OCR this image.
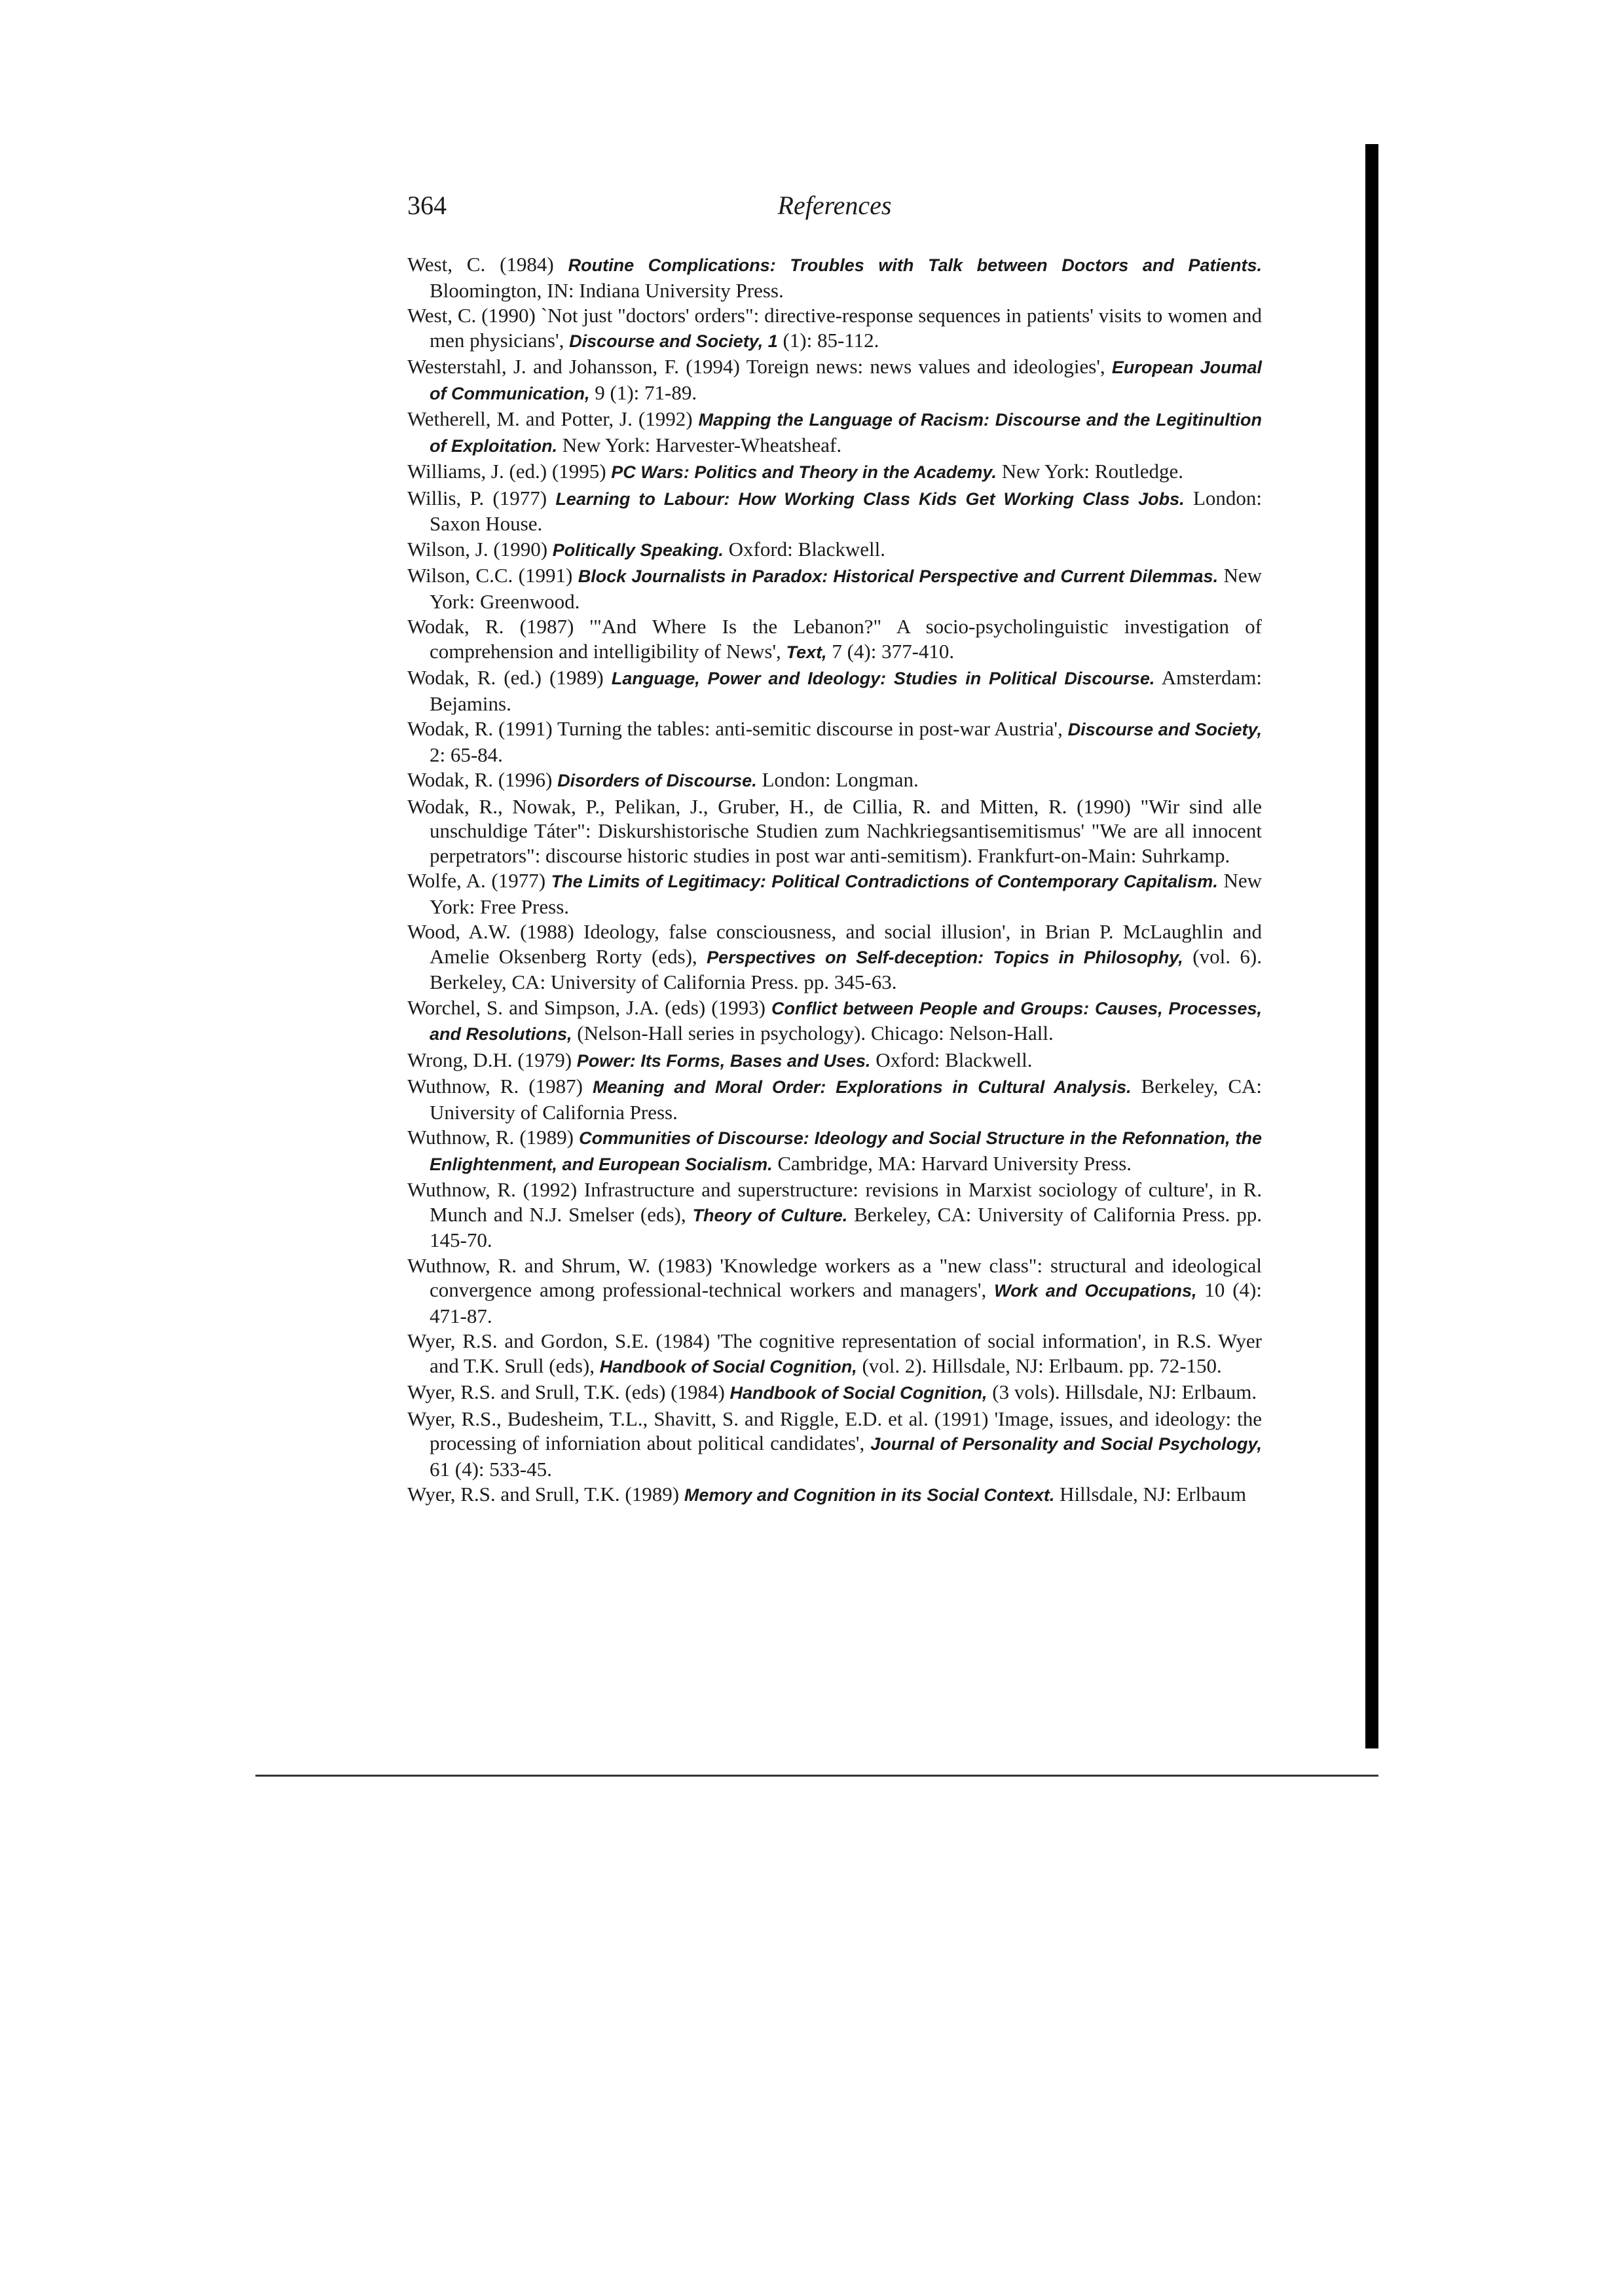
364	References

West, C. (1984) Routine Complications: Troubles with Talk between Doctors and Patients. Bloomington, IN: Indiana University Press.

West, C. (1990) `Not just "doctors' orders": directive-response sequences in patients' visits to women and men physicians', Discourse and Society, 1 (1): 85-112.

Westerstahl, J. and Johansson, F. (1994) Toreign news: news values and ideologies', European Joumal of Communication, 9 (1): 71-89.

Wetherell, M. and Potter, J. (1992) Mapping the Language of Racism: Discourse and the Legitinultion of Exploitation. New York: Harvester-Wheatsheaf.

Williams, J. (ed.) (1995) PC Wars: Politics and Theory in the Academy. New York: Routledge.

Willis, P. (1977) Learning to Labour: How Working Class Kids Get Working Class Jobs. London: Saxon House.

Wilson, J. (1990) Politically Speaking. Oxford: Blackwell.

Wilson, C.C. (1991) Block Journalists in Paradox: Historical Perspective and Current Dilemmas. New York: Greenwood.

Wodak, R. (1987) '"And Where Is the Lebanon?" A socio-psycholinguistic investigation of comprehension and intelligibility of News', Text, 7 (4): 377-410.

Wodak, R. (ed.) (1989) Language, Power and Ideology: Studies in Political Discourse. Amsterdam: Bejamins.

Wodak, R. (1991) Turning the tables: anti-semitic discourse in post-war Austria', Discourse and Society, 2: 65-84.

Wodak, R. (1996) Disorders of Discourse. London: Longman.

Wodak, R., Nowak, P., Pelikan, J., Gruber, H., de Cillia, R. and Mitten, R. (1990) "Wir sind alle unschuldige Táter": Diskurshistorische Studien zum Nachkriegsantisemitismus' "We are all innocent perpetrators": discourse historic studies in post war anti-semitism). Frankfurt-on-Main: Suhrkamp.

Wolfe, A. (1977) The Limits of Legitimacy: Political Contradictions of Contemporary Capitalism. New York: Free Press.

Wood, A.W. (1988) Ideology, false consciousness, and social illusion', in Brian P. McLaughlin and Amelie Oksenberg Rorty (eds), Perspectives on Self-deception: Topics in Philosophy, (vol. 6). Berkeley, CA: University of California Press. pp. 345-63.

Worchel, S. and Simpson, J.A. (eds) (1993) Conflict between People and Groups: Causes, Processes, and Resolutions, (Nelson-Hall series in psychology). Chicago: Nelson-Hall.

Wrong, D.H. (1979) Power: Its Forms, Bases and Uses. Oxford: Blackwell.

Wuthnow, R. (1987) Meaning and Moral Order: Explorations in Cultural Analysis. Berkeley, CA: University of California Press.

Wuthnow, R. (1989) Communities of Discourse: Ideology and Social Structure in the Refonnation, the Enlightenment, and European Socialism. Cambridge, MA: Harvard University Press.

Wuthnow, R. (1992) Infrastructure and superstructure: revisions in Marxist sociology of culture', in R. Munch and N.J. Smelser (eds), Theory of Culture. Berkeley, CA: University of California Press. pp. 145-70.

Wuthnow, R. and Shrum, W. (1983) 'Knowledge workers as a "new class": structural and ideological convergence among professional-technical workers and managers', Work and Occupations, 10 (4): 471-87.

Wyer, R.S. and Gordon, S.E. (1984) 'The cognitive representation of social information', in R.S. Wyer and T.K. Srull (eds), Handbook of Social Cognition, (vol. 2). Hillsdale, NJ: Erlbaum. pp. 72-150.

Wyer, R.S. and Srull, T.K. (eds) (1984) Handbook of Social Cognition, (3 vols). Hillsdale, NJ: Erlbaum.

Wyer, R.S., Budesheim, T.L., Shavitt, S. and Riggle, E.D. et al. (1991) 'Image, issues, and ideology: the processing of inforniation about political candidates', Journal of Personality and Social Psychology, 61 (4): 533-45.

Wyer, R.S. and Srull, T.K. (1989) Memory and Cognition in its Social Context. Hillsdale, NJ: Erlbaum
